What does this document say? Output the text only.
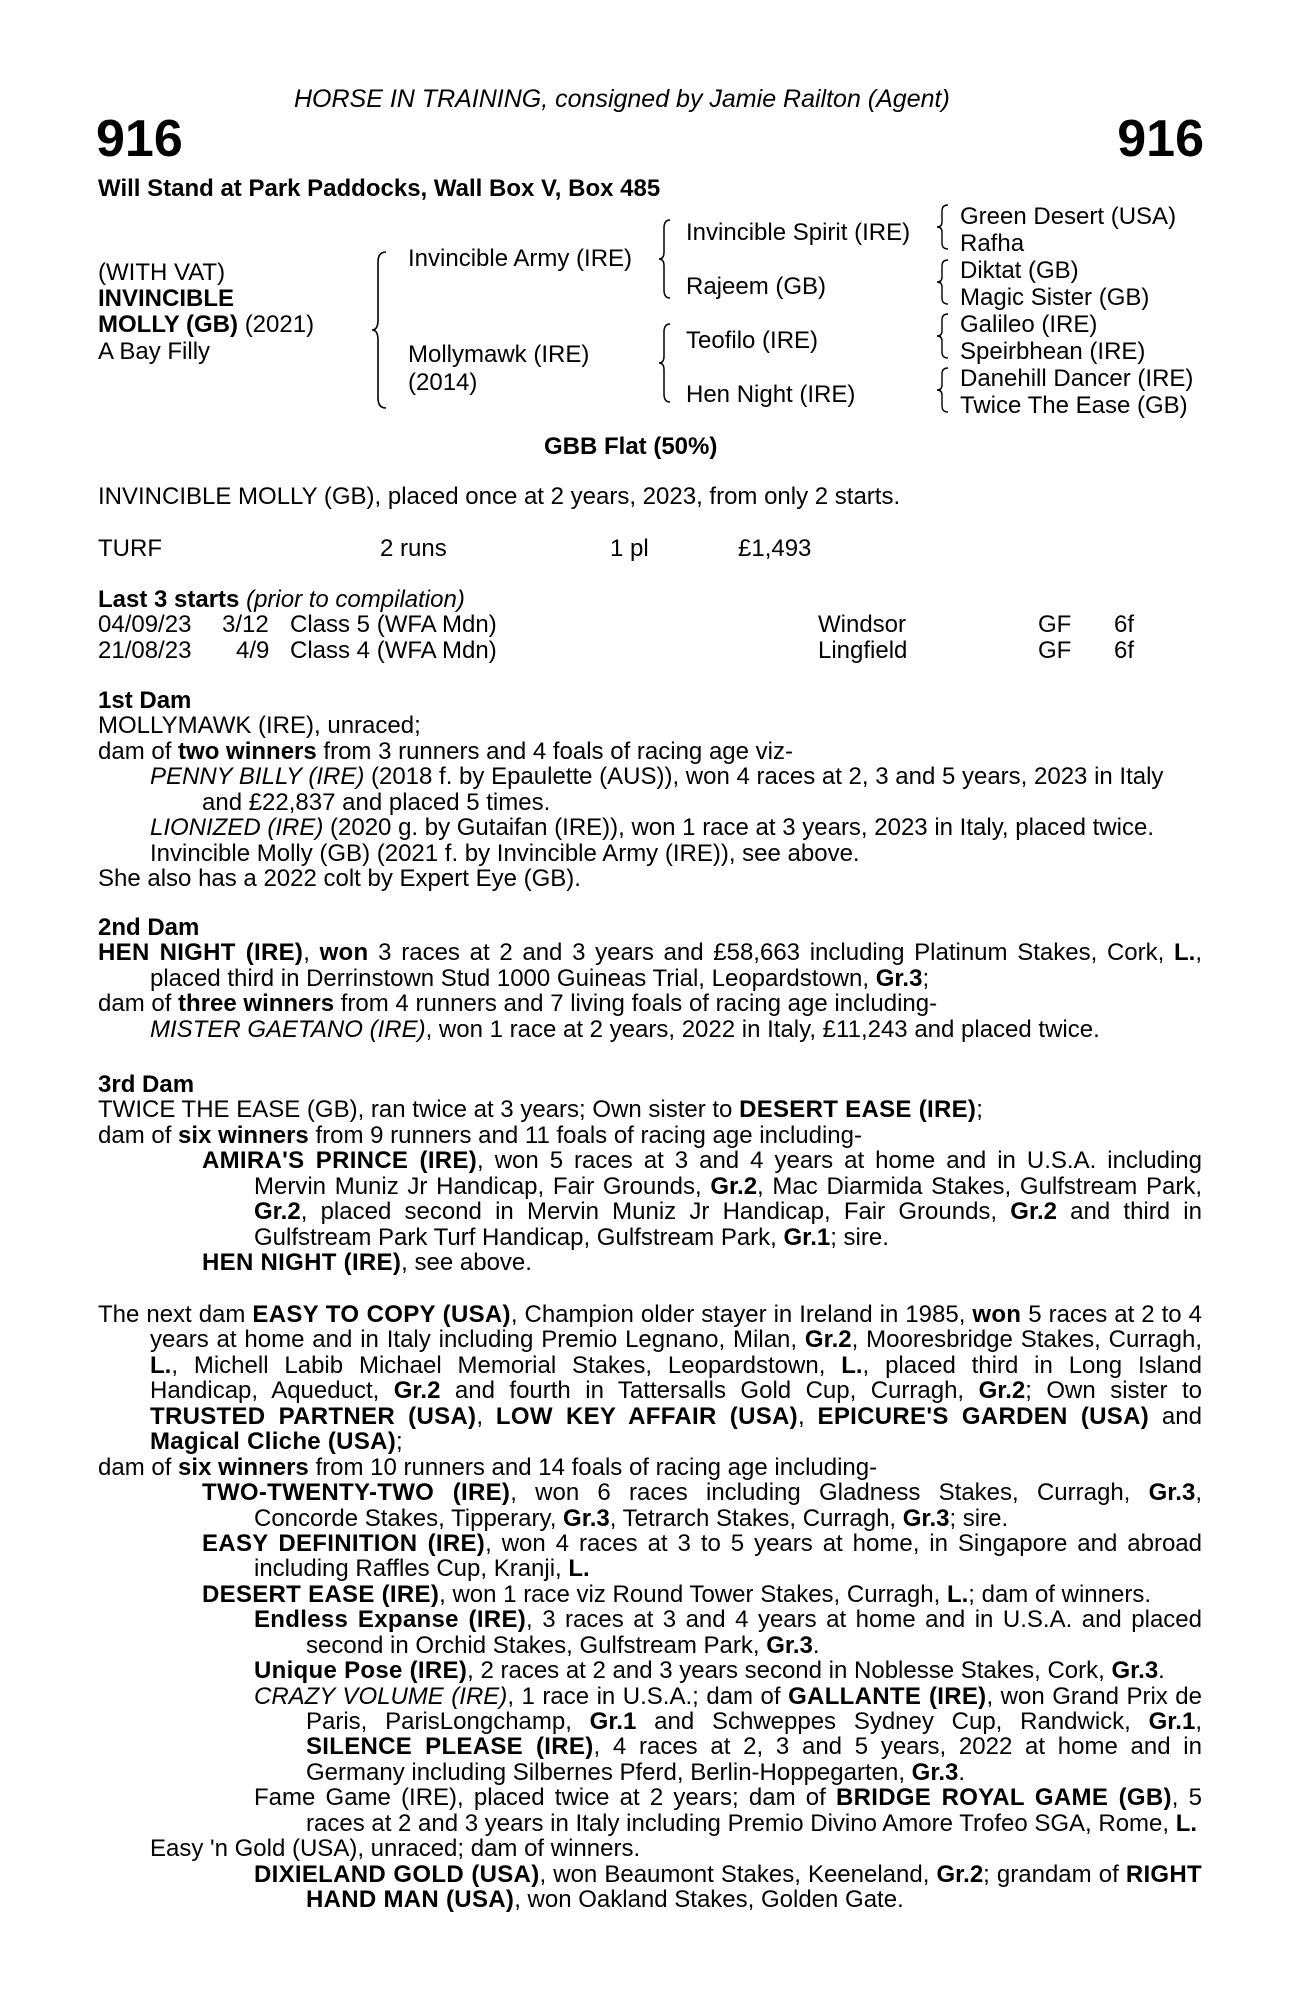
HORSE IN TRAINING, consigned by Jamie Railton (Agent)
916	916
Will Stand at Park Paddocks, Wall Box V, Box 485
(WITH VAT)
INVINCIBLE
MOLLY (GB) (2021)
A Bay Filly
Invincible Army (IRE)
Mollymawk (IRE)
(2014)
Invincible Spirit (IRE)
Rajeem (GB)
Teofilo (IRE)
Hen Night (IRE)
Green Desert (USA)
Rafha
Diktat (GB)
Magic Sister (GB)
Galileo (IRE)
Speirbhean (IRE)
Danehill Dancer (IRE)
Twice The Ease (GB)
GBB Flat (50%)
INVINCIBLE MOLLY (GB), placed once at 2 years, 2023, from only 2 starts.
TURF	2 runs	1 pl	£1,493
Last 3 starts (prior to compilation)
04/09/23 3/12 Class 5 (WFA Mdn)	Windsor	GF 6f
21/08/23 4/9 Class 4 (WFA Mdn)	Lingfield	GF 6f

1st Dam

MOLLYMAWK (IRE), unraced;

dam of two winners from 3 runners and 4 foals of racing age viz-

PENNY BILLY (IRE) (2018 f. by Epaulette (AUS)), won 4 races at 2, 3 and 5 years, 2023 in Italy and £22,837 and placed 5 times.

LIONIZED (IRE) (2020 g. by Gutaifan (IRE)), won 1 race at 3 years, 2023 in Italy, placed twice.

Invincible Molly (GB) (2021 f. by Invincible Army (IRE)), see above.

She also has a 2022 colt by Expert Eye (GB).

2nd Dam

HEN NIGHT (IRE), won 3 races at 2 and 3 years and £58,663 including Platinum Stakes, Cork, L., placed third in Derrinstown Stud 1000 Guineas Trial, Leopardstown, Gr.3;

dam of three winners from 4 runners and 7 living foals of racing age including-

MISTER GAETANO (IRE), won 1 race at 2 years, 2022 in Italy, £11,243 and placed twice.

3rd Dam

TWICE THE EASE (GB), ran twice at 3 years; Own sister to DESERT EASE (IRE);

dam of six winners from 9 runners and 11 foals of racing age including-

AMIRA'S PRINCE (IRE), won 5 races at 3 and 4 years at home and in U.S.A. including Mervin Muniz Jr Handicap, Fair Grounds, Gr.2, Mac Diarmida Stakes, Gulfstream Park, Gr.2, placed second in Mervin Muniz Jr Handicap, Fair Grounds, Gr.2 and third in Gulfstream Park Turf Handicap, Gulfstream Park, Gr.1; sire.

HEN NIGHT (IRE), see above.

The next dam EASY TO COPY (USA), Champion older stayer in Ireland in 1985, won 5 races at 2 to 4 years at home and in Italy including Premio Legnano, Milan, Gr.2, Mooresbridge Stakes, Curragh, L., Michell Labib Michael Memorial Stakes, Leopardstown, L., placed third in Long Island Handicap, Aqueduct, Gr.2 and fourth in Tattersalls Gold Cup, Curragh, Gr.2; Own sister to TRUSTED PARTNER (USA), LOW KEY AFFAIR (USA), EPICURE'S GARDEN (USA) and Magical Cliche (USA);

dam of six winners from 10 runners and 14 foals of racing age including-

TWO-TWENTY-TWO (IRE), won 6 races including Gladness Stakes, Curragh, Gr.3, Concorde Stakes, Tipperary, Gr.3, Tetrarch Stakes, Curragh, Gr.3; sire.

EASY DEFINITION (IRE), won 4 races at 3 to 5 years at home, in Singapore and abroad including Raffles Cup, Kranji, L.

DESERT EASE (IRE), won 1 race viz Round Tower Stakes, Curragh, L.; dam of winners.

Endless Expanse (IRE), 3 races at 3 and 4 years at home and in U.S.A. and placed second in Orchid Stakes, Gulfstream Park, Gr.3.

Unique Pose (IRE), 2 races at 2 and 3 years second in Noblesse Stakes, Cork, Gr.3.

CRAZY VOLUME (IRE), 1 race in U.S.A.; dam of GALLANTE (IRE), won Grand Prix de Paris, ParisLongchamp, Gr.1 and Schweppes Sydney Cup, Randwick, Gr.1, SILENCE PLEASE (IRE), 4 races at 2, 3 and 5 years, 2022 at home and in Germany including Silbernes Pferd, Berlin-Hoppegarten, Gr.3.

Fame Game (IRE), placed twice at 2 years; dam of BRIDGE ROYAL GAME (GB), 5 races at 2 and 3 years in Italy including Premio Divino Amore Trofeo SGA, Rome, L.

Easy 'n Gold (USA), unraced; dam of winners.

DIXIELAND GOLD (USA), won Beaumont Stakes, Keeneland, Gr.2; grandam of RIGHT HAND MAN (USA), won Oakland Stakes, Golden Gate.
